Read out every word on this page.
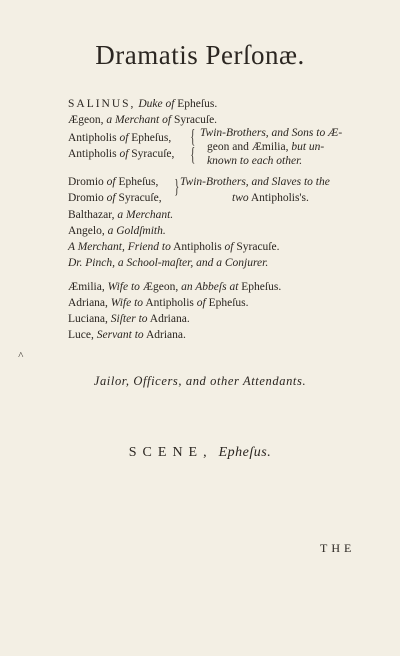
Dramatis Perſonæ.
SALINUS, Duke of Epheſus.
Ægeon, a Merchant of Syracuſe.
Antipholis of Epheſus,
Antipholis of Syracuſe,
{
{
Twin-Brothers, and Sons to Æ-
geon and Æmilia, but un-
known to each other.
Dromio of Epheſus,
Dromio of Syracuſe, } Twin-Brothers, and Slaves to the
two Antipholis's.
Balthazar, a Merchant.
Angelo, a Goldſmith.
A Merchant, Friend to Antipholis of Syracuſe.
Dr. Pinch, a School-maſter, and a Conjurer.
Æmilia, Wife to Ægeon, an Abbeſs at Epheſus.
Adriana, Wife to Antipholis of Epheſus.
Luciana, Siſter to Adriana.
Luce, Servant to Adriana.
˄
Jailor, Officers, and other Attendants.
SCENE, Epheſus.
THE
